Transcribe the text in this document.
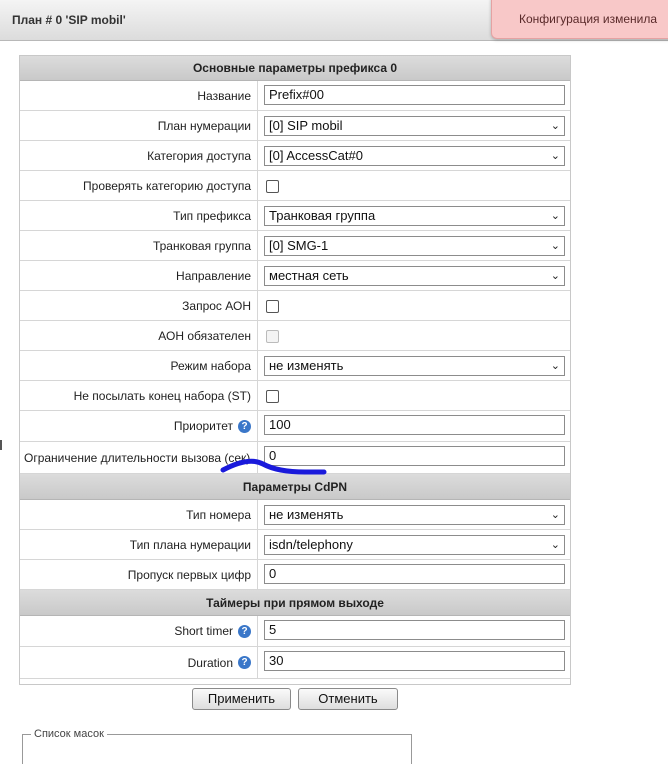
План # 0 'SIP mobil'	Конфигурация изменила
Основные параметры префикса 0
Название	Prefix#00
План нумерации	[0] SIP mobil	⌄
Категория доступа	[0] AccessCat#0	⌄
Проверять категорию доступа
Тип префикса	Транковая группа	⌄
Транковая группа	[0] SMG-1	⌄
Направление	местная сеть	⌄
Запрос АОН
АОН обязателен
Режим набора	не изменять	⌄
Не посылать конец набора (ST)
Приоритет ?	100
Ограничение длительности вызова (сек)	0
Параметры CdPN
Тип номера	не изменять	⌄
Тип плана нумерации	isdn/telephony	⌄
Пропуск первых цифр	0
Таймеры при прямом выходе
Short timer ?	5
Duration ?	30
Применить	Отменить
Список масок
